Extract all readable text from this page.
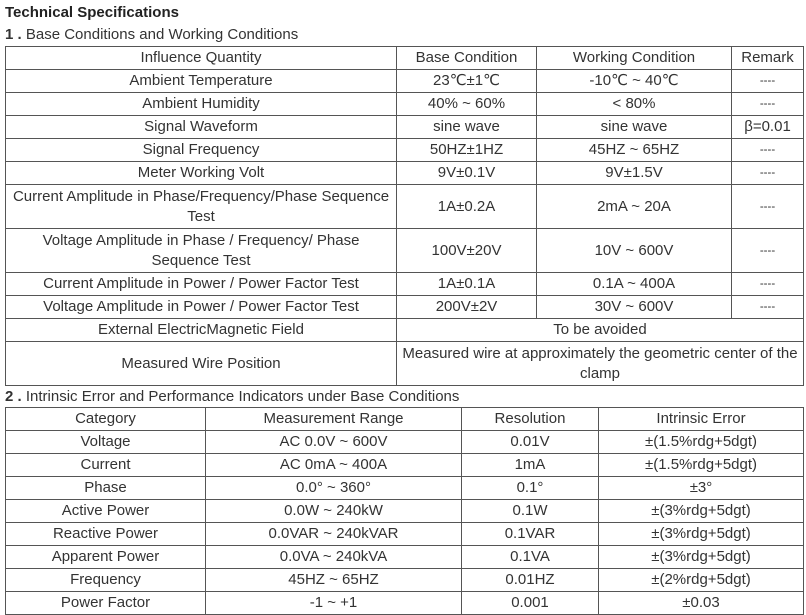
Technical Specifications

1 . Base Conditions and Working Conditions

Influence Quantity	Base Condition	Working Condition	Remark
Ambient Temperature	23℃±1℃	-10℃ ~ 40℃	----
Ambient Humidity	40% ~ 60%	< 80%	----
Signal Waveform	sine wave	sine wave	β=0.01
Signal Frequency	50HZ±1HZ	45HZ ~ 65HZ	----
Meter Working Volt	9V±0.1V	9V±1.5V	----
Current Amplitude in Phase/Frequency/Phase Sequence Test	1A±0.2A	2mA ~ 20A	----
Voltage Amplitude in Phase / Frequency/ Phase Sequence Test	100V±20V	10V ~ 600V	----
Current Amplitude in Power / Power Factor Test	1A±0.1A	0.1A ~ 400A	----
Voltage Amplitude in Power / Power Factor Test	200V±2V	30V ~ 600V	----
External ElectricMagnetic Field	To be avoided		
Measured Wire Position	Measured wire at approximately the geometric center of the clamp		

2 . Intrinsic Error and Performance Indicators under Base Conditions

Category	Measurement Range	Resolution	Intrinsic Error
Voltage	AC 0.0V ~ 600V	0.01V	±(1.5%rdg+5dgt)
Current	AC 0mA ~ 400A	1mA	±(1.5%rdg+5dgt)
Phase	0.0° ~ 360°	0.1°	±3°
Active Power	0.0W ~ 240kW	0.1W	±(3%rdg+5dgt)
Reactive Power	0.0VAR ~ 240kVAR	0.1VAR	±(3%rdg+5dgt)
Apparent Power	0.0VA ~ 240kVA	0.1VA	±(3%rdg+5dgt)
Frequency	45HZ ~ 65HZ	0.01HZ	±(2%rdg+5dgt)
Power Factor	-1 ~ +1	0.001	±0.03
